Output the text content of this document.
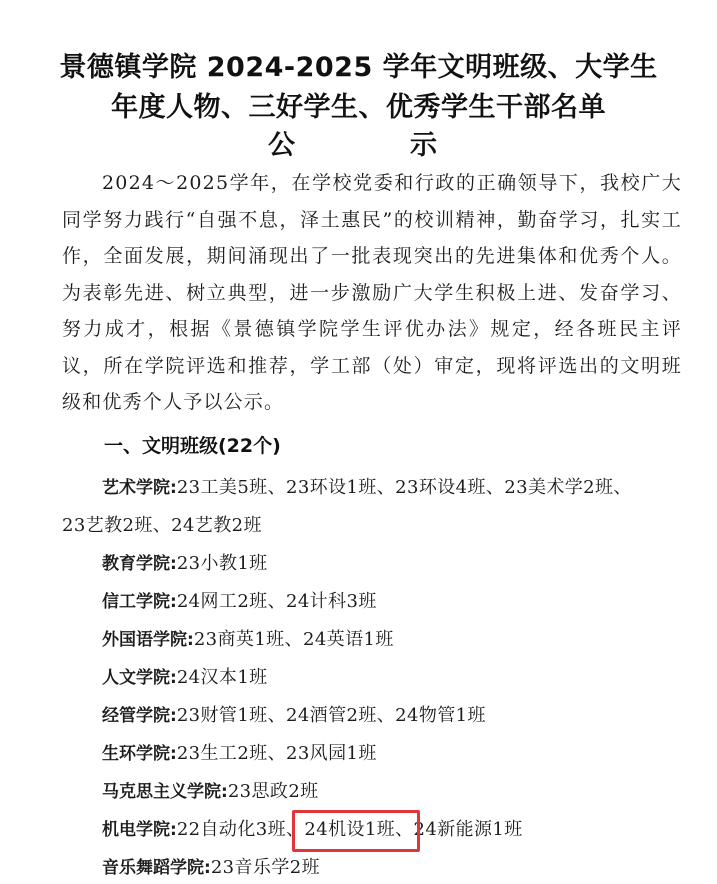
景德镇学院 2024-2025 学年文明班级、大学生
年度人物、三好学生、优秀学生干部名单
公	示

2024～2025学年，在学校党委和行政的正确领导下，我校广大同学努力践行“自强不息，泽土惠民”的校训精神，勤奋学习，扎实工作，全面发展，期间涌现出了一批表现突出的先进集体和优秀个人。为表彰先进、树立典型，进一步激励广大学生积极上进、发奋学习、努力成才，根据《景德镇学院学生评优办法》规定，经各班民主评议，所在学院评选和推荐，学工部（处）审定，现将评选出的文明班级和优秀个人予以公示。

一、文明班级(22个)
艺术学院:23工美5班、23环设1班、23环设4班、23美术学2班、
23艺教2班、24艺教2班
教育学院:23小教1班
信工学院:24网工2班、24计科3班
外国语学院:23商英1班、24英语1班
人文学院:24汉本1班
经管学院:23财管1班、24酒管2班、24物管1班
生环学院:23生工2班、23风园1班
马克思主义学院:23思政2班
机电学院:22自动化3班、24机设1班、24新能源1班
音乐舞蹈学院:23音乐学2班
